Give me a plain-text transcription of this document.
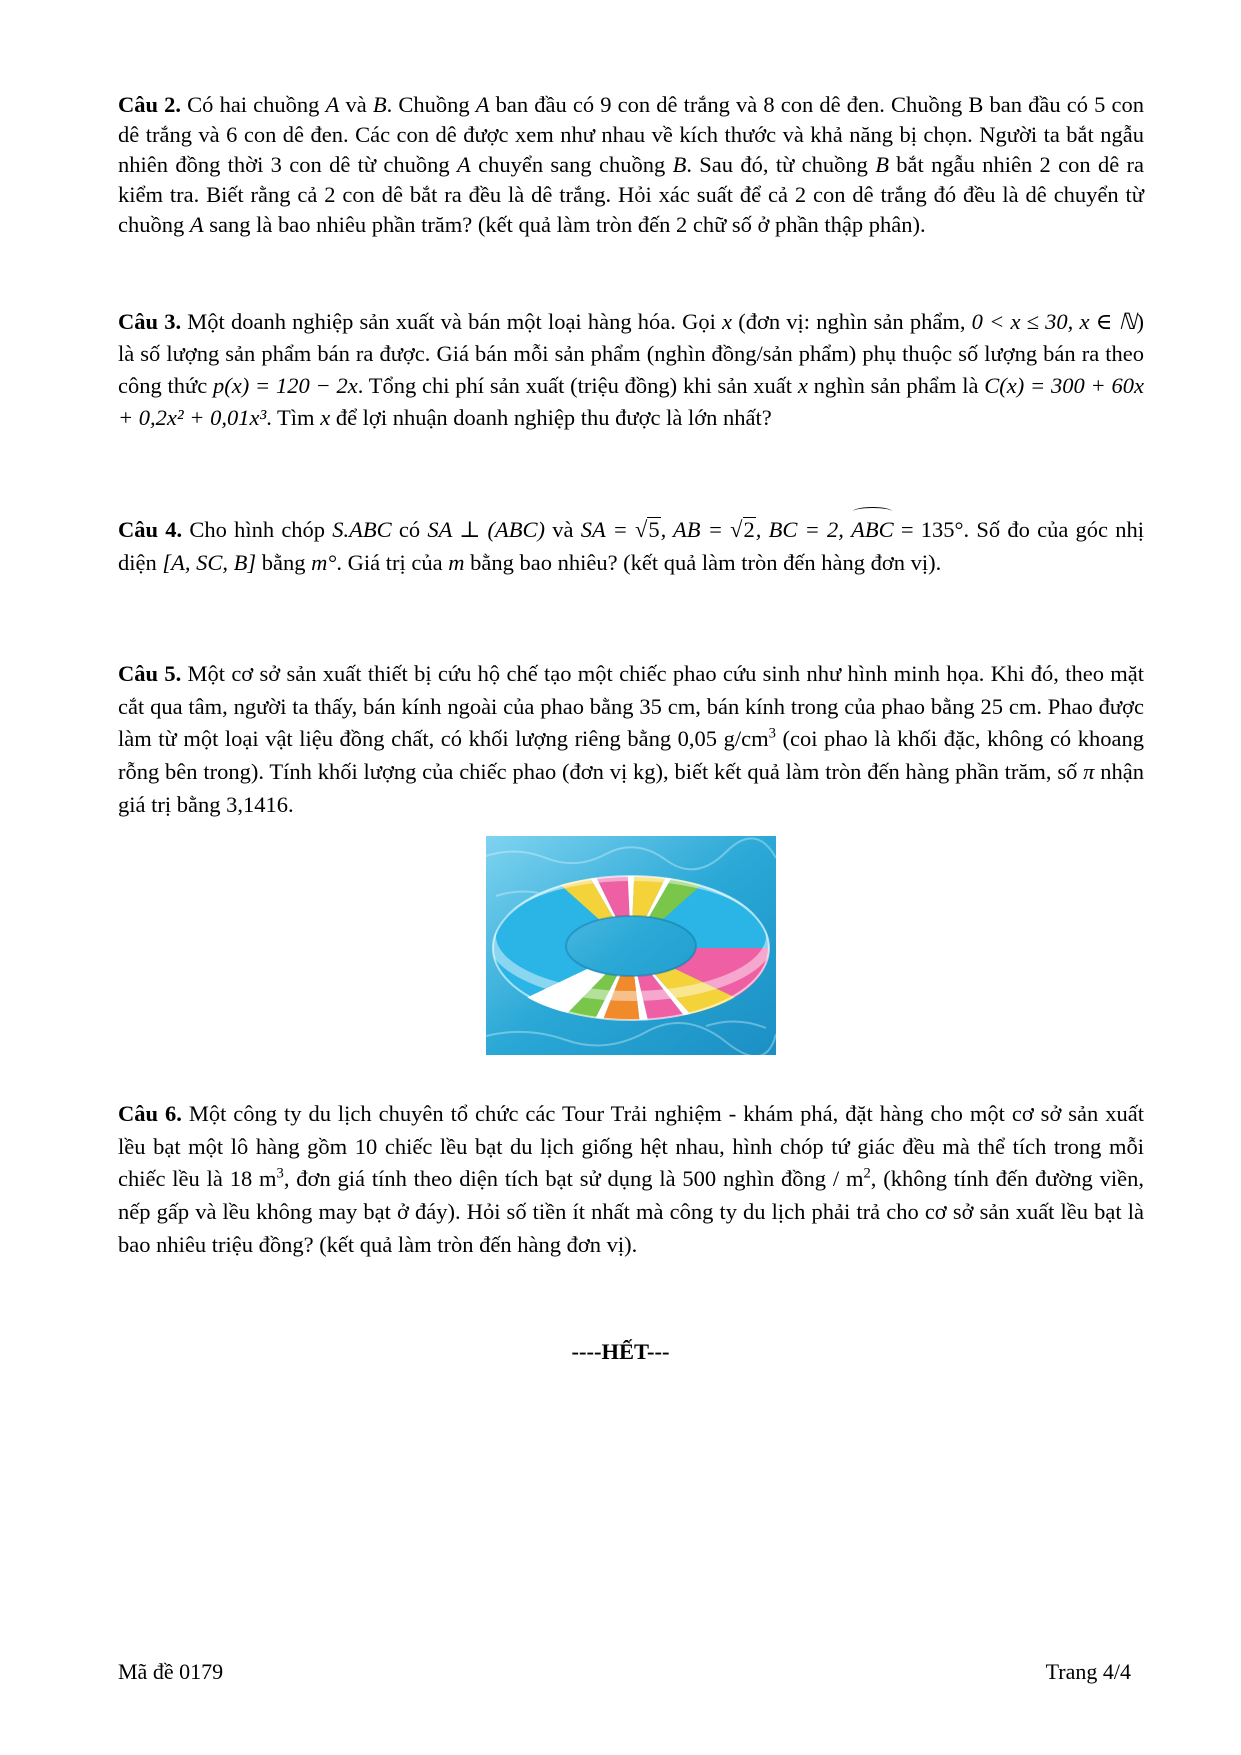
Câu 2. Có hai chuồng A và B. Chuồng A ban đầu có 9 con dê trắng và 8 con dê đen. Chuồng B ban đầu có 5 con dê trắng và 6 con dê đen. Các con dê được xem như nhau về kích thước và khả năng bị chọn. Người ta bắt ngẫu nhiên đồng thời 3 con dê từ chuồng A chuyển sang chuồng B. Sau đó, từ chuồng B bắt ngẫu nhiên 2 con dê ra kiểm tra. Biết rằng cả 2 con dê bắt ra đều là dê trắng. Hỏi xác suất để cả 2 con dê trắng đó đều là dê chuyển từ chuồng A sang là bao nhiêu phần trăm? (kết quả làm tròn đến 2 chữ số ở phần thập phân).

Câu 3. Một doanh nghiệp sản xuất và bán một loại hàng hóa. Gọi x (đơn vị: nghìn sản phẩm, 0 < x ≤ 30, x ∈ ℕ) là số lượng sản phẩm bán ra được. Giá bán mỗi sản phẩm (nghìn đồng/sản phẩm) phụ thuộc số lượng bán ra theo công thức p(x) = 120 − 2x. Tổng chi phí sản xuất (triệu đồng) khi sản xuất x nghìn sản phẩm là C(x) = 300 + 60x + 0,2x² + 0,01x³. Tìm x để lợi nhuận doanh nghiệp thu được là lớn nhất?

Câu 4. Cho hình chóp S.ABC có SA ⊥ (ABC) và SA = √5, AB = √2, BC = 2, ABC = 135°. Số đo của góc nhị diện [A, SC, B] bằng m°. Giá trị của m bằng bao nhiêu? (kết quả làm tròn đến hàng đơn vị).

Câu 5. Một cơ sở sản xuất thiết bị cứu hộ chế tạo một chiếc phao cứu sinh như hình minh họa. Khi đó, theo mặt cắt qua tâm, người ta thấy, bán kính ngoài của phao bằng 35 cm, bán kính trong của phao bằng 25 cm. Phao được làm từ một loại vật liệu đồng chất, có khối lượng riêng bằng 0,05 $g/cm^3$ (coi phao là khối đặc, không có khoang rỗng bên trong). Tính khối lượng của chiếc phao (đơn vị kg), biết kết quả làm tròn đến hàng phần trăm, số π nhận giá trị bằng 3,1416.

Câu 6. Một công ty du lịch chuyên tổ chức các Tour Trải nghiệm - khám phá, đặt hàng cho một cơ sở sản xuất lều bạt một lô hàng gồm 10 chiếc lều bạt du lịch giống hệt nhau, hình chóp tứ giác đều mà thể tích trong mỗi chiếc lều là 18 $m^3$, đơn giá tính theo diện tích bạt sử dụng là 500 nghìn đồng / $m^2$, (không tính đến đường viền, nếp gấp và lều không may bạt ở đáy). Hỏi số tiền ít nhất mà công ty du lịch phải trả cho cơ sở sản xuất lều bạt là bao nhiêu triệu đồng? (kết quả làm tròn đến hàng đơn vị).

----HẾT---
Mã đề 0179	Trang 4/4
